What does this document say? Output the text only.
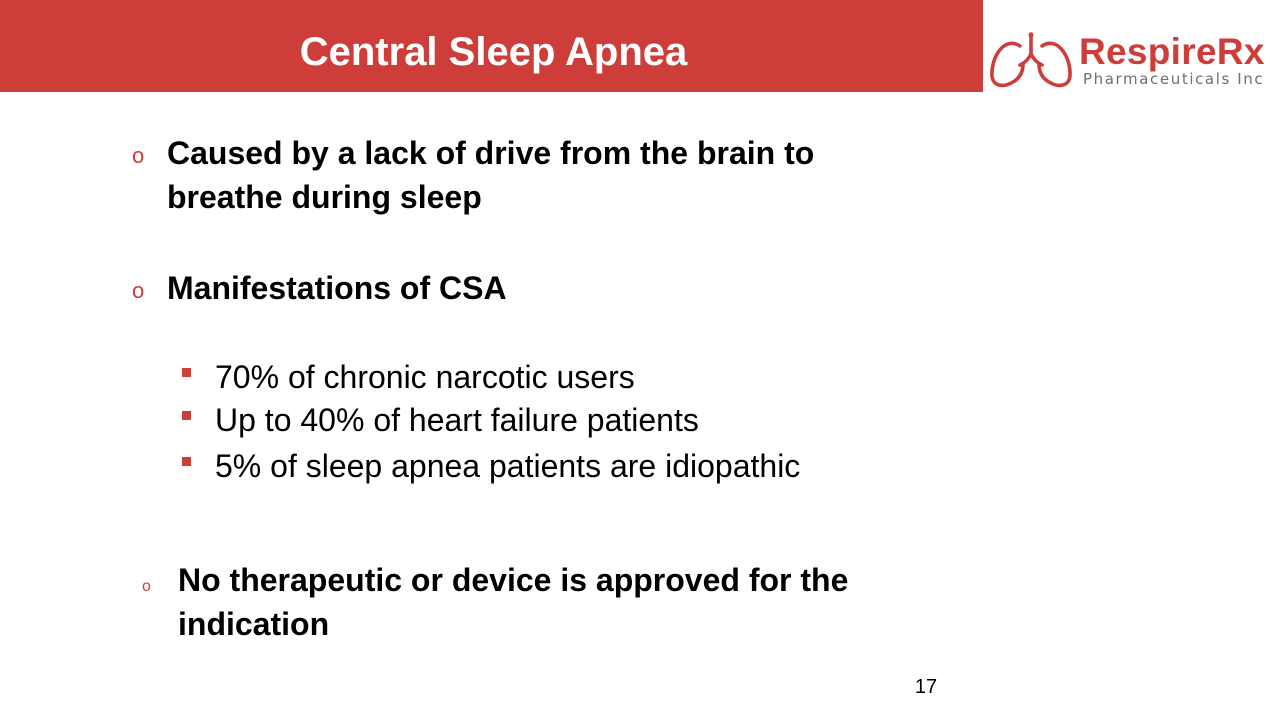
Central Sleep Apnea	RespireRx
Pharmaceuticals Inc
o Caused by a lack of drive from the brain to
breathe during sleep
o Manifestations of CSA
70% of chronic narcotic users
Up to 40% of heart failure patients
5% of sleep apnea patients are idiopathic
o No therapeutic or device is approved for the
indication
17
